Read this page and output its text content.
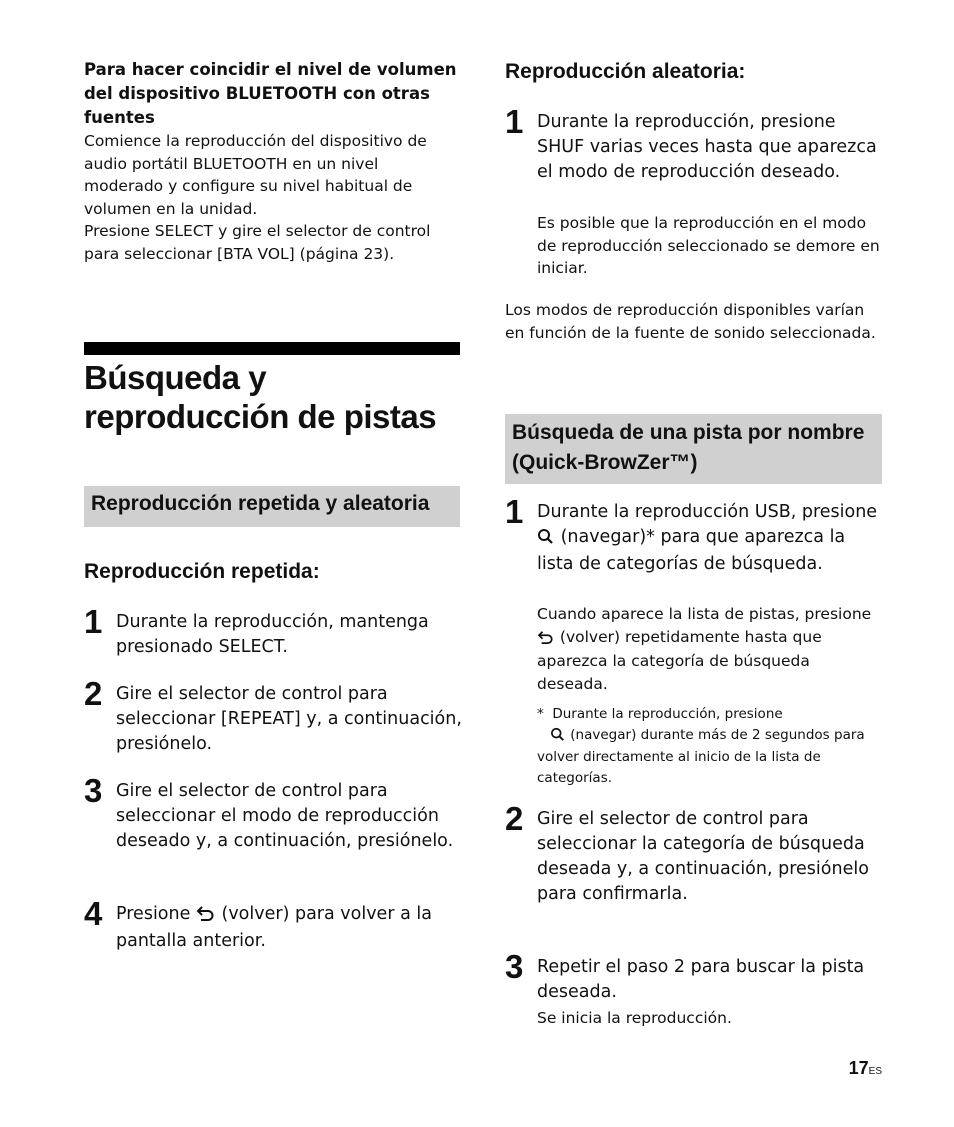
Para hacer coincidir el nivel de volumen del dispositivo BLUETOOTH con otras fuentes

Comience la reproducción del dispositivo de audio portátil BLUETOOTH en un nivel moderado y configure su nivel habitual de volumen en la unidad.

Presione SELECT y gire el selector de control para seleccionar [BTA VOL] (página 23).

Búsqueda y reproducción de pistas
Reproducción repetida y aleatoria

Reproducción repetida:

1 Durante la reproducción, mantenga presionado SELECT.

2 Gire el selector de control para seleccionar [REPEAT] y, a continuación, presiónelo.

3 Gire el selector de control para seleccionar el modo de reproducción deseado y, a continuación, presiónelo.

4 Presione  (volver) para volver a la pantalla anterior.

Reproducción aleatoria:

1 Durante la reproducción, presione SHUF varias veces hasta que aparezca el modo de reproducción deseado.

Es posible que la reproducción en el modo de reproducción seleccionado se demore en iniciar.

Los modos de reproducción disponibles varían en función de la fuente de sonido seleccionada.

Búsqueda de una pista por nombre (Quick-BrowZer™)
1 Durante la reproducción USB, presione  (navegar)* para que aparezca la lista de categorías de búsqueda.

Cuando aparece la lista de pistas, presione  (volver) repetidamente hasta que aparezca la categoría de búsqueda deseada.

* Durante la reproducción, presione
(navegar) durante más de 2 segundos para volver directamente al inicio de la lista de categorías.

2 Gire el selector de control para seleccionar la categoría de búsqueda deseada y, a continuación, presiónelo para confirmarla.

3 Repetir el paso 2 para buscar la pista deseada.

Se inicia la reproducción.

17ES
